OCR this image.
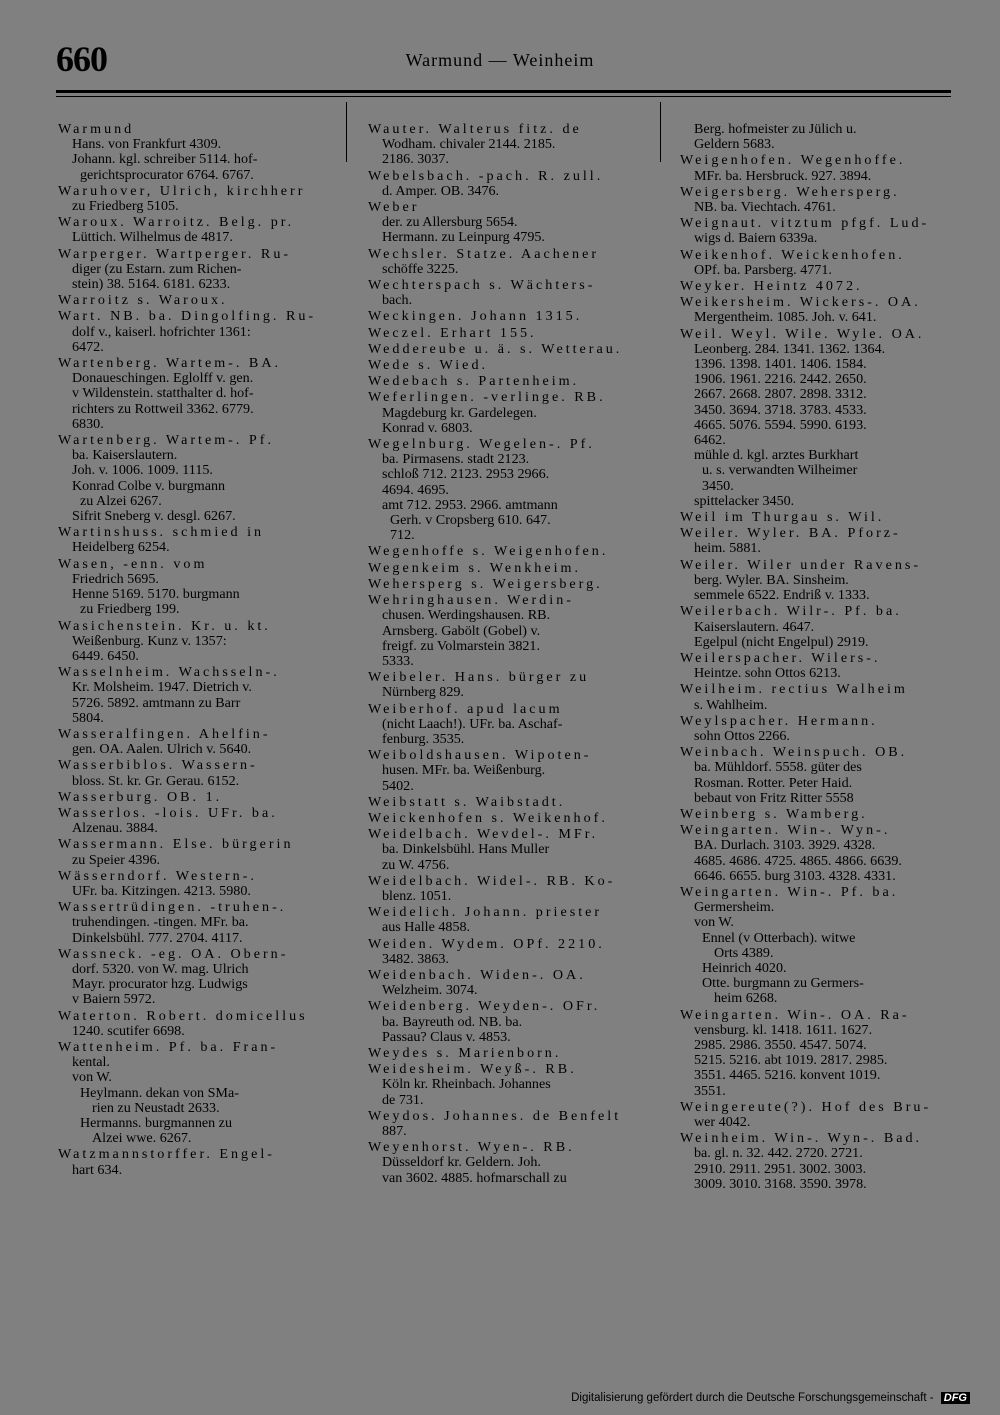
660	Warmund — Weinheim
Warmund
Hans. von Frankfurt 4309.
Johann. kgl. schreiber 5114. hof-
gerichtsprocurator 6764. 6767.
Waruhover, Ulrich, kirchherr
zu Friedberg 5105.
Waroux. Warroitz. Belg. pr.
Lüttich. Wilhelmus de 4817.
Warperger. Wartperger. Ru-
diger (zu Estarn. zum Richen-
stein) 38. 5164. 6181. 6233.
Warroitz s. Waroux.
Wart. NB. ba. Dingolfing. Ru-
dolf v., kaiserl. hofrichter 1361:
6472.
Wartenberg. Wartem-. BA.
Donaueschingen. Eglolff v. gen.
v Wildenstein. statthalter d. hof-
richters zu Rottweil 3362. 6779.
6830.
Wartenberg. Wartem-. Pf.
ba. Kaiserslautern.
Joh. v. 1006. 1009. 1115.
Konrad Colbe v. burgmann
zu Alzei 6267.
Sifrit Sneberg v. desgl. 6267.
Wartinshuss. schmied in
Heidelberg 6254.
Wasen, -enn. vom
Friedrich 5695.
Henne 5169. 5170. burgmann
zu Friedberg 199.
Wasichenstein. Kr. u. kt.
Weißenburg. Kunz v. 1357:
6449. 6450.
Wasselnheim. Wachsseln-.
Kr. Molsheim. 1947. Dietrich v.
5726. 5892. amtmann zu Barr
5804.
Wasseralfingen. Ahelfin-
gen. OA. Aalen. Ulrich v. 5640.
Wasserbiblos. Wassern-
bloss. St. kr. Gr. Gerau. 6152.
Wasserburg. OB. 1.
Wasserlos. -lois. UFr. ba.
Alzenau. 3884.
Wassermann. Else. bürgerin
zu Speier 4396.
Wässerndorf. Western-.
UFr. ba. Kitzingen. 4213. 5980.
Wassertrüdingen. -truhen-.
truhendingen. -tingen. MFr. ba.
Dinkelsbühl. 777. 2704. 4117.
Wassneck. -eg. OA. Obern-
dorf. 5320. von W. mag. Ulrich
Mayr. procurator hzg. Ludwigs
v Baiern 5972.
Waterton. Robert. domicellus
1240. scutifer 6698.
Wattenheim. Pf. ba. Fran-
kental.
von W.
Heylmann. dekan von SMa-
rien zu Neustadt 2633.
Hermanns. burgmannen zu
Alzei wwe. 6267.
Watzmannstorffer. Engel-
hart 634.
Wauter. Walterus fitz. de
Wodham. chivaler 2144. 2185.
2186. 3037.
Webelsbach. -pach. R. zull.
d. Amper. OB. 3476.
Weber
der. zu Allersburg 5654.
Hermann. zu Leinpurg 4795.
Wechsler. Statze. Aachener
schöffe 3225.
Wechterspach s. Wächters-
bach.
Weckingen. Johann 1315.
Weczel. Erhart 155.
Weddereube u. ä. s. Wetterau.
Wede s. Wied.
Wedebach s. Partenheim.
Weferlingen. -verlinge. RB.
Magdeburg kr. Gardelegen.
Konrad v. 6803.
Wegelnburg. Wegelen-. Pf.
ba. Pirmasens. stadt 2123.
schloß 712. 2123. 2953 2966.
4694. 4695.
amt 712. 2953. 2966. amtmann
Gerh. v Cropsberg 610. 647.
712.
Wegenhoffe s. Weigenhofen.
Wegenkeim s. Wenkheim.
Wehersperg s. Weigersberg.
Wehringhausen. Werdin-
chusen. Werdingshausen. RB.
Arnsberg. Gabölt (Gobel) v.
freigf. zu Volmarstein 3821.
5333.
Weibeler. Hans. bürger zu
Nürnberg 829.
Weiberhof. apud lacum
(nicht Laach!). UFr. ba. Aschaf-
fenburg. 3535.
Weiboldshausen. Wipoten-
husen. MFr. ba. Weißenburg.
5402.
Weibstatt s. Waibstadt.
Weickenhofen s. Weikenhof.
Weidelbach. Wevdel-. MFr.
ba. Dinkelsbühl. Hans Muller
zu W. 4756.
Weidelbach. Widel-. RB. Ko-
blenz. 1051.
Weidelich. Johann. priester
aus Halle 4858.
Weiden. Wydem. OPf. 2210.
3482. 3863.
Weidenbach. Widen-. OA.
Welzheim. 3074.
Weidenberg. Weyden-. OFr.
ba. Bayreuth od. NB. ba.
Passau? Claus v. 4853.
Weydes s. Marienborn.
Weidesheim. Weyß-. RB.
Köln kr. Rheinbach. Johannes
de 731.
Weydos. Johannes. de Benfelt
887.
Weyenhorst. Wyen-. RB.
Düsseldorf kr. Geldern. Joh.
van 3602. 4885. hofmarschall zu
Berg. hofmeister zu Jülich u.
Geldern 5683.
Weigenhofen. Wegenhoffe.
MFr. ba. Hersbruck. 927. 3894.
Weigersberg. Wehersperg.
NB. ba. Viechtach. 4761.
Weignaut. vitztum pfgf. Lud-
wigs d. Baiern 6339a.
Weikenhof. Weickenhofen.
OPf. ba. Parsberg. 4771.
Weyker. Heintz 4072.
Weikersheim. Wickers-. OA.
Mergentheim. 1085. Joh. v. 641.
Weil. Weyl. Wile. Wyle. OA.
Leonberg. 284. 1341. 1362. 1364.
1396. 1398. 1401. 1406. 1584.
1906. 1961. 2216. 2442. 2650.
2667. 2668. 2807. 2898. 3312.
3450. 3694. 3718. 3783. 4533.
4665. 5076. 5594. 5990. 6193.
6462.
mühle d. kgl. arztes Burkhart
u. s. verwandten Wilheimer
3450.
spittelacker 3450.
Weil im Thurgau s. Wil.
Weiler. Wyler. BA. Pforz-
heim. 5881.
Weiler. Wiler under Ravens-
berg. Wyler. BA. Sinsheim.
semmele 6522. Endriß v. 1333.
Weilerbach. Wilr-. Pf. ba.
Kaiserslautern. 4647.
Egelpul (nicht Engelpul) 2919.
Weilerspacher. Wilers-.
Heintze. sohn Ottos 6213.
Weilheim. rectius Walheim
s. Wahlheim.
Weylspacher. Hermann.
sohn Ottos 2266.
Weinbach. Weinspuch. OB.
ba. Mühldorf. 5558. güter des
Rosman. Rotter. Peter Haid.
bebaut von Fritz Ritter 5558
Weinberg s. Wamberg.
Weingarten. Win-. Wyn-.
BA. Durlach. 3103. 3929. 4328.
4685. 4686. 4725. 4865. 4866. 6639.
6646. 6655. burg 3103. 4328. 4331.
Weingarten. Win-. Pf. ba.
Germersheim.
von W.
Ennel (v Otterbach). witwe
Orts 4389.
Heinrich 4020.
Otte. burgmann zu Germers-
heim 6268.
Weingarten. Win-. OA. Ra-
vensburg. kl. 1418. 1611. 1627.
2985. 2986. 3550. 4547. 5074.
5215. 5216. abt 1019. 2817. 2985.
3551. 4465. 5216. konvent 1019.
3551.
Weingereute(?). Hof des Bru-
wer 4042.
Weinheim. Win-. Wyn-. Bad.
ba. gl. n. 32. 442. 2720. 2721.
2910. 2911. 2951. 3002. 3003.
3009. 3010. 3168. 3590. 3978.
Digitalisierung gefördert durch die Deutsche Forschungsgemeinschaft - DFG
